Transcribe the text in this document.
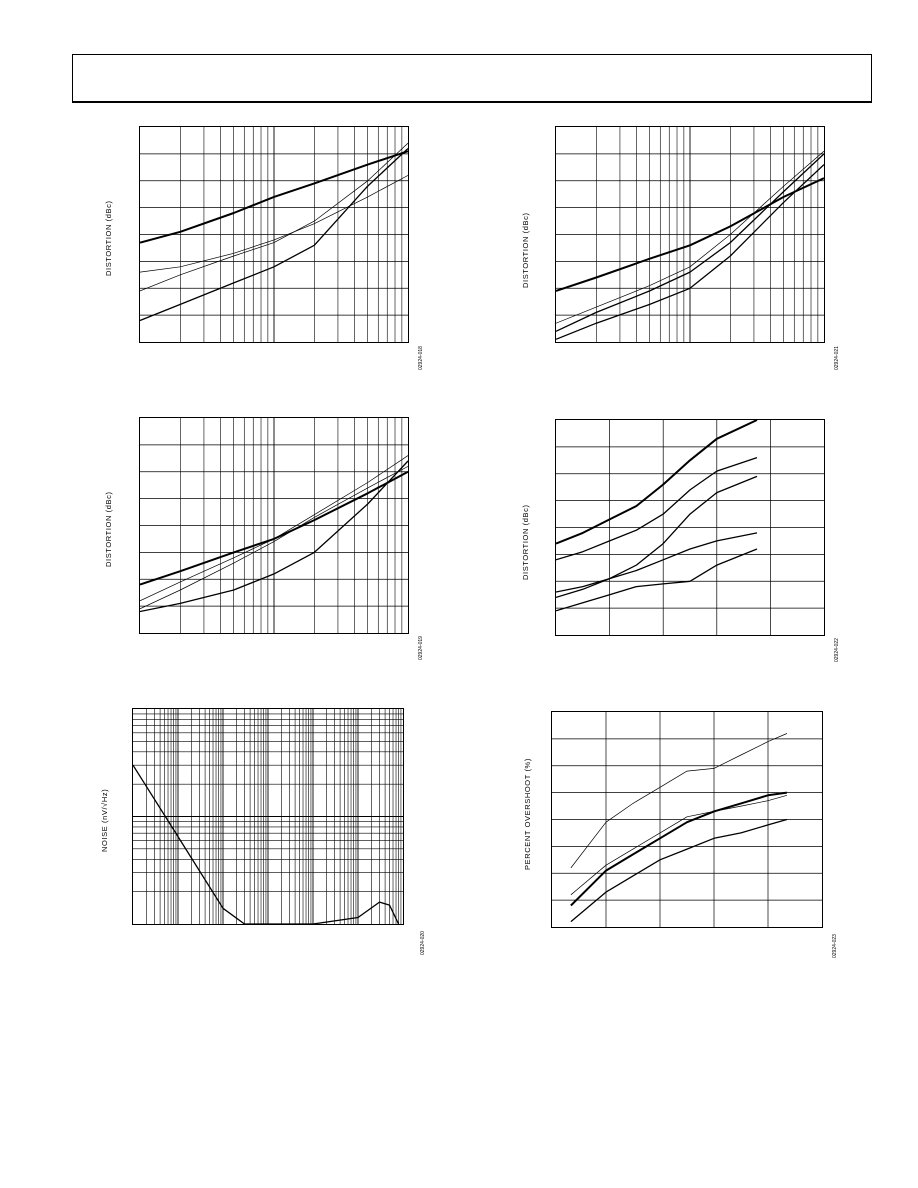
DISTORTION (dBc)
02924-018
DISTORTION (dBc)
02924-021
DISTORTION (dBc)
02924-019
DISTORTION (dBc)
02924-022
NOISE (nV/√Hz)
02924-020
PERCENT OVERSHOOT (%)
02924-023
